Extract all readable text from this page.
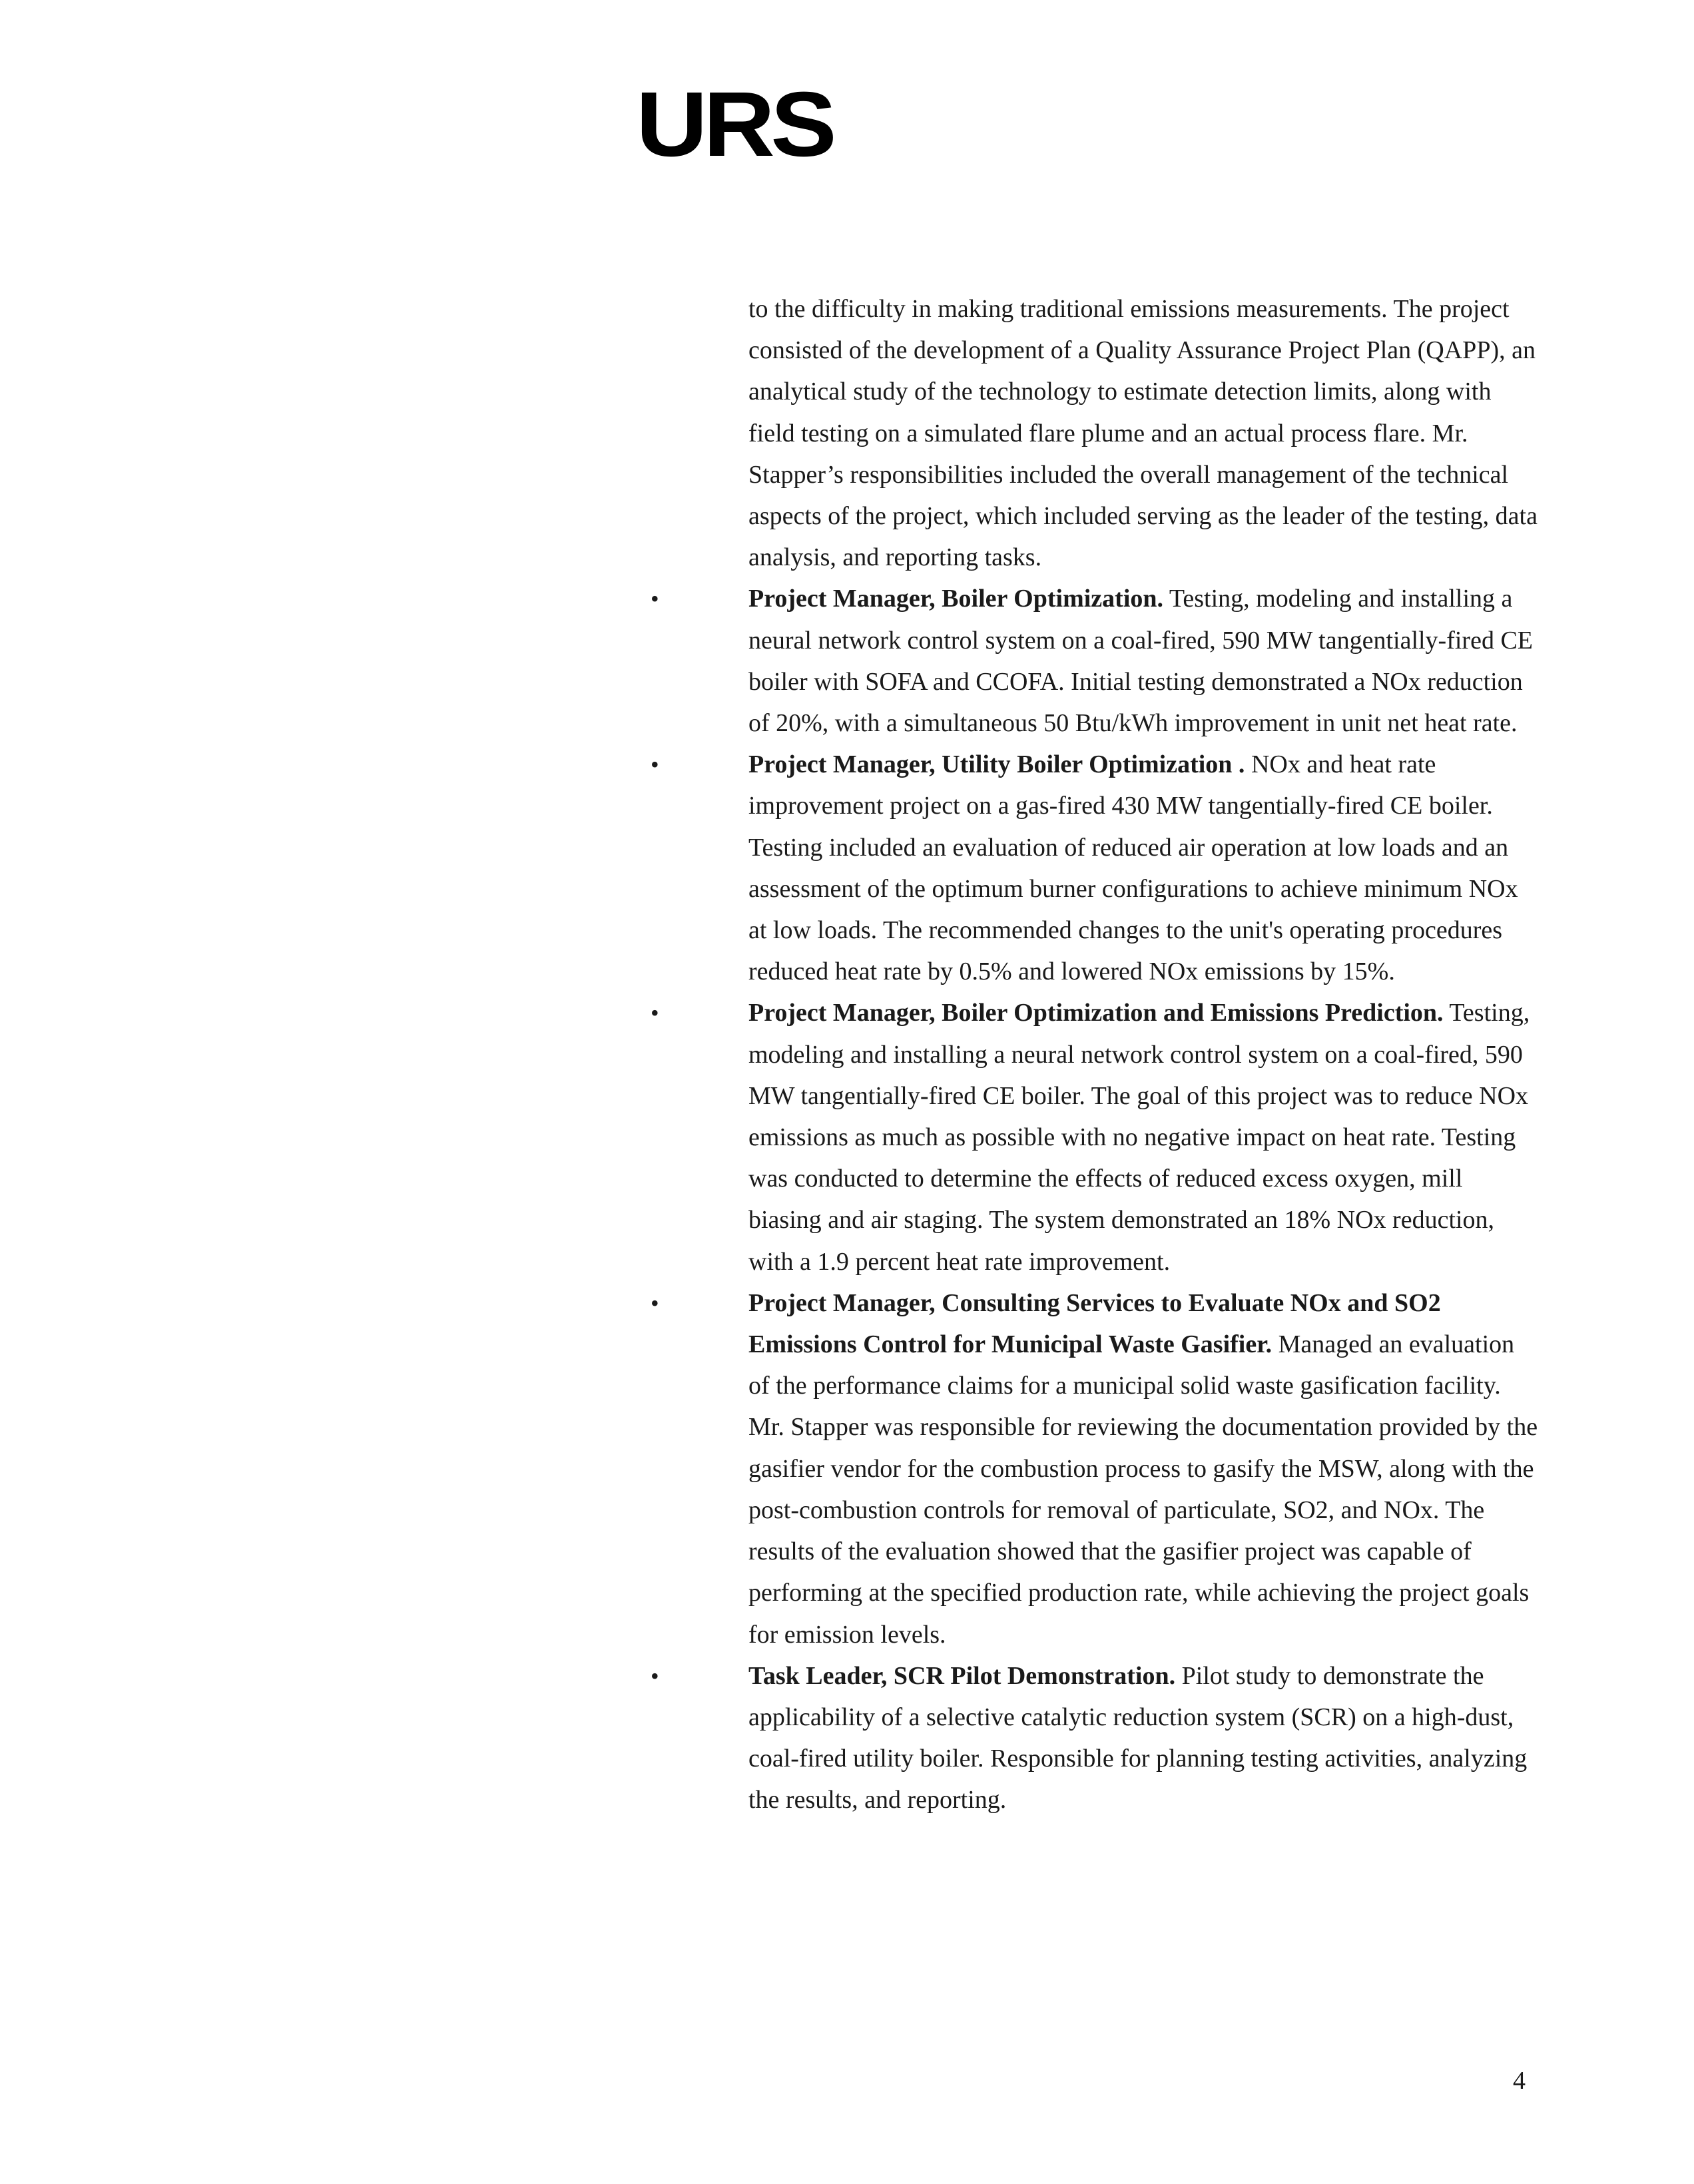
URS

to the difficulty in making traditional emissions measurements. The project consisted of the development of a Quality Assurance Project Plan (QAPP), an analytical study of the technology to estimate detection limits, along with field testing on a simulated flare plume and an actual process flare. Mr. Stapper’s responsibilities included the overall management of the technical aspects of the project, which included serving as the leader of the testing, data analysis, and reporting tasks.

•	Project Manager, Boiler Optimization. Testing, modeling and installing a neural network control system on a coal-fired, 590 MW tangentially-fired CE boiler with SOFA and CCOFA. Initial testing demonstrated a NOx reduction of 20%, with a simultaneous 50 Btu/kWh improvement in unit net heat rate.

•	Project Manager, Utility Boiler Optimization . NOx and heat rate improvement project on a gas-fired 430 MW tangentially-fired CE boiler. Testing included an evaluation of reduced air operation at low loads and an assessment of the optimum burner configurations to achieve minimum NOx at low loads. The recommended changes to the unit's operating procedures reduced heat rate by 0.5% and lowered NOx emissions by 15%.

•	Project Manager, Boiler Optimization and Emissions Prediction. Testing, modeling and installing a neural network control system on a coal-fired, 590 MW tangentially-fired CE boiler. The goal of this project was to reduce NOx emissions as much as possible with no negative impact on heat rate. Testing was conducted to determine the effects of reduced excess oxygen, mill biasing and air staging. The system demonstrated an 18% NOx reduction, with a 1.9 percent heat rate improvement.

•	Project Manager, Consulting Services to Evaluate NOx and SO2 Emissions Control for Municipal Waste Gasifier. Managed an evaluation of the performance claims for a municipal solid waste gasification facility. Mr. Stapper was responsible for reviewing the documentation provided by the gasifier vendor for the combustion process to gasify the MSW, along with the post-combustion controls for removal of particulate, SO2, and NOx. The results of the evaluation showed that the gasifier project was capable of performing at the specified production rate, while achieving the project goals for emission levels.

•	Task Leader, SCR Pilot Demonstration. Pilot study to demonstrate the applicability of a selective catalytic reduction system (SCR) on a high-dust, coal-fired utility boiler. Responsible for planning testing activities, analyzing the results, and reporting.

4
